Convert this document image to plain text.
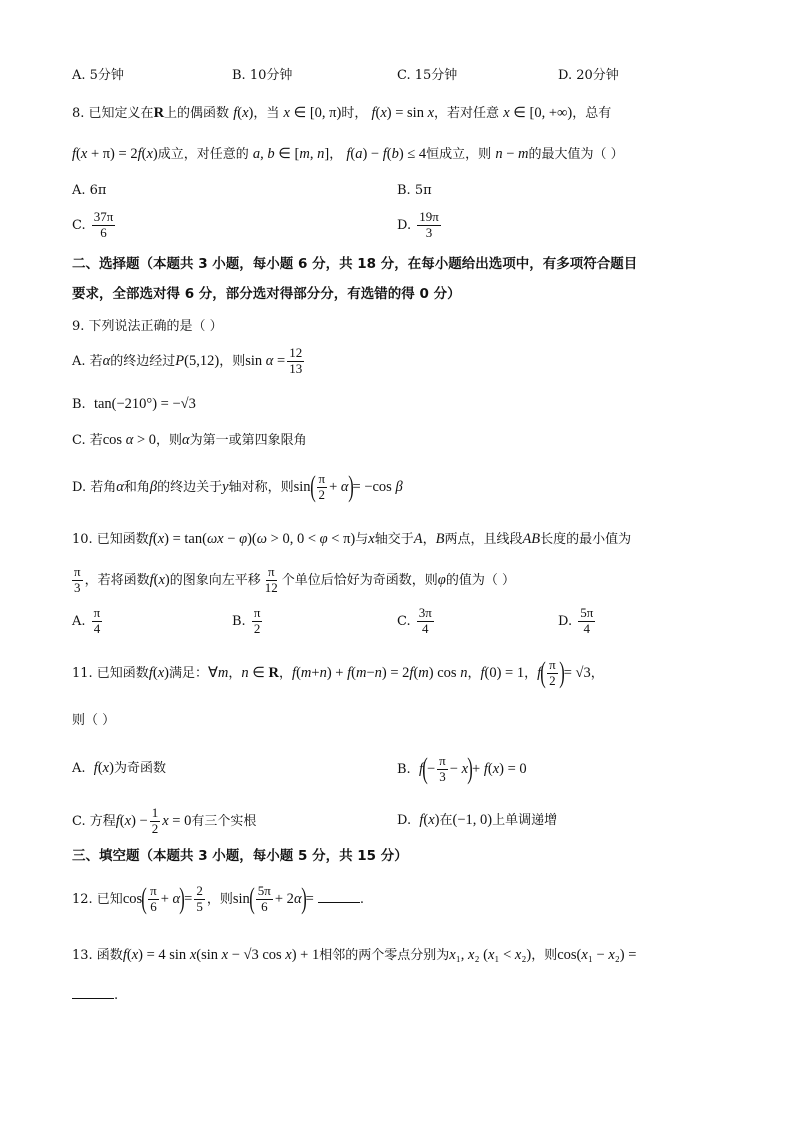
A. 5分钟	B. 10分钟	C. 15分钟	D. 20分钟
8. 已知定义在R上的偶函数 f(x)，当 x ∈ [0, π)时， f(x) = sin x，若对任意 x ∈ [0, +∞)，总有
f(x + π) = 2f(x)成立，对任意的 a, b ∈ [m, n]， f(a) − f(b) ≤ 4恒成立，则 n − m的最大值为（ ）
A. 6π	B. 5π
C. $\frac{37\pi}{6}$	D. $\frac{19\pi}{3}$
二、选择题（本题共 3 小题，每小题 6 分，共 18 分，在每小题给出选项中，有多项符合题目
要求，全部选对得 6 分，部分选对得部分分，有选错的得 0 分）
9. 下列说法正确的是（ ）
A. 若α的终边经过P(5,12)，则$\sin \alpha = \frac{12}{13}$
B. tan(−210°) = −√3
C. 若cos α > 0，则α为第一或第四象限角
D. 若角α和角β的终边关于y轴对称，则$\sin( \frac{\pi}{2} + \alpha)= -\cos$ β
10. 已知函数f(x) = tan(ωx − φ)(ω > 0, 0 < φ < π)与x轴交于A，B两点，且线段AB长度的最小值为
$\frac{\pi}{3}$ ，若将函数f(x)的图象向左平移 $\frac{\pi}{12}$ 个单位后恰好为奇函数，则φ的值为（ ）
A. $\frac{\pi}{4}$	B. $\frac{\pi}{2}$	C. $\frac{3\pi}{4}$	D. $\frac{5\pi}{4}$
11. 已知函数f(x)满足：∀m，n ∈ R，f(m+n) + f(m−n) = 2f(m) cos n，f(0) = 1，$f( \frac{\pi}{2}$ )= √3，
则（ ）
A. f(x)为奇函数	B. $f(- \frac{\pi}{3} - x)+ f(x) = 0$
C. 方程$f(x) - \frac{1}{2}$ x = 0有三个实根	D. f(x)在(−1, 0)上单调递增
三、填空题（本题共 3 小题，每小题 5 分，共 15 分）
12. 已知$\cos( \frac{\pi}{6} + \alpha)= \frac{2}{5}$ ，则$\sin( \frac{5\pi}{6} + 2\alpha)=$	.
13. 函数f(x) = 4 sin x(sin x − √3 cos x) + 1相邻的两个零点分别为x₁, x₂ (x₁ < x₂)，则cos(x₁ − x₂) =
.
